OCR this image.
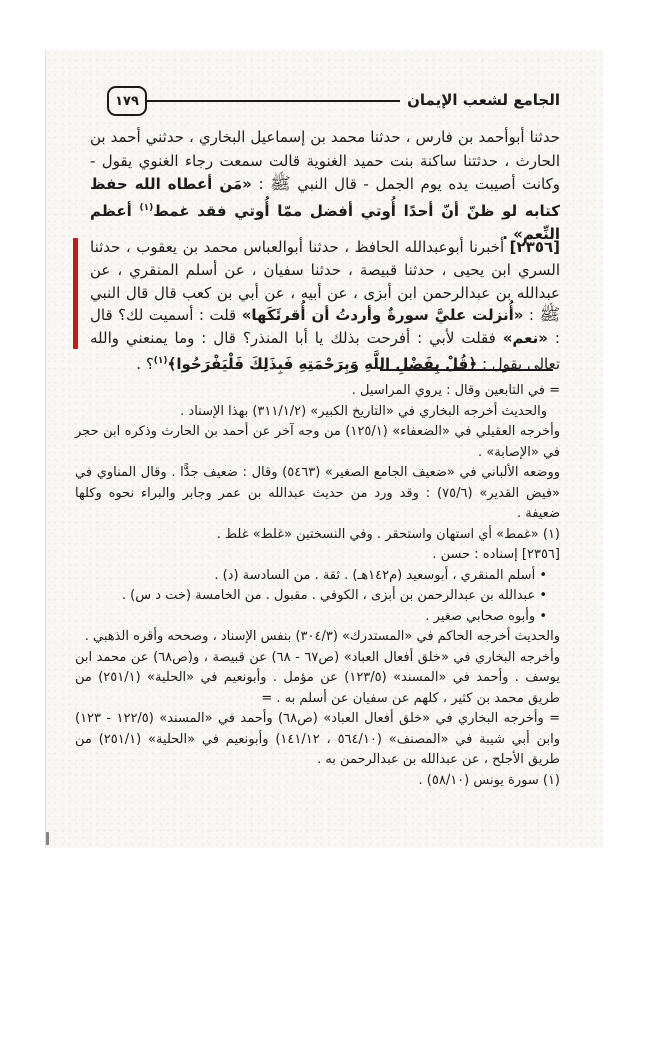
الجامع لشعب الإيمان
١٧٩
حدثنا أبوأحمد بن فارس ، حدثنا محمد بن إسماعيل البخاري ، حدثني أحمد بن الحارث ، حدثتنا ساكنة بنت حميد الغنوية قالت سمعت رجاء الغنوي يقول - وكانت أصيبت يده يوم الجمل - قال النبي ﷺ : «مَن أعطاه الله حفظ كتابه لو ظنّ أنّ أحدًا أُوتي أفضل ممّا أُوتي فقد غمط$^{(١)}$ أعظم النِّعم» .
[٢٣٥٦] أخبرنا أبوعبدالله الحافظ ، حدثنا أبوالعباس محمد بن يعقوب ، حدثنا السري ابن يحيى ، حدثنا قبيصة ، حدثنا سفيان ، عن أسلم المنقري ، عن عبدالله بن عبدالرحمن ابن أبزى ، عن أبيه ، عن أبي بن كعب قال قال النبي ﷺ : «أُنزلت عليَّ سورةٌ وأردتُ أن أُقرئَكَها» قلت : أسميت لك؟ قال : «نعم» فقلت لأبي : أفرحت بذلك يا أبا المنذر؟ قال : وما يمنعني والله تعالى يقول : ﴿قُلْ بِفَضْلِ اللَّهِ وَبِرَحْمَتِهِ فَبِذَلِكَ فَلْيَفْرَحُوا﴾$^{(١)}$؟ .
= في التابعين وقال : يروي المراسيل .
والحديث أخرجه البخاري في «التاريخ الكبير» (٣١١/١/٢) بهذا الإسناد .
وأخرجه العقيلي في «الضعفاء» (١٢٥/١) من وجه آخر عن أحمد بن الحارث وذكره ابن حجر في «الإصابة» .
ووضعه الألباني في «ضعيف الجامع الصغير» (٥٤٦٣) وقال : ضعيف جدًّا . وقال المناوي في «فيض القدير» (٧٥/٦) : وقد ورد من حديث عبدالله بن عمر وجابر والبراء نحوه وكلها ضعيفة .
(١) «غمط» أي استهان واستحقر . وفي النسختين «غلط» غلط .
[٢٣٥٦] إسناده : حسن .
• أسلم المنقري ، أبوسعيد (م١٤٢هـ) . ثقة . من السادسة (د) .
• عبدالله بن عبدالرحمن بن أبزى ، الكوفي . مقبول . من الخامسة (خت د س) .
• وأبوه صحابي صغير .
والحديث أخرجه الحاكم في «المستدرك» (٣٠٤/٣) بنفس الإسناد ، وصححه وأقره الذهبي .
وأخرجه البخاري في «خلق أفعال العباد» (ص٦٧ - ٦٨) عن قبيصة ، و(ص٦٨) عن محمد ابن يوسف . وأحمد في «المسند» (١٢٣/٥) عن مؤمل . وأبونعيم في «الحلية» (٢٥١/١) من طريق محمد بن كثير ، كلهم عن سفيان عن أسلم به . =
= وأخرجه البخاري في «خلق أفعال العباد» (ص٦٨) وأحمد في «المسند» (١٢٢/٥ - ١٢٣) وابن أبي شيبة في «المصنف» (٥٦٤/١٠ ، ١٤١/١٢) وأبونعيم في «الحلية» (٢٥١/١) من طريق الأجلح ، عن عبدالله بن عبدالرحمن به .
(١) سورة يونس (٥٨/١٠) .
